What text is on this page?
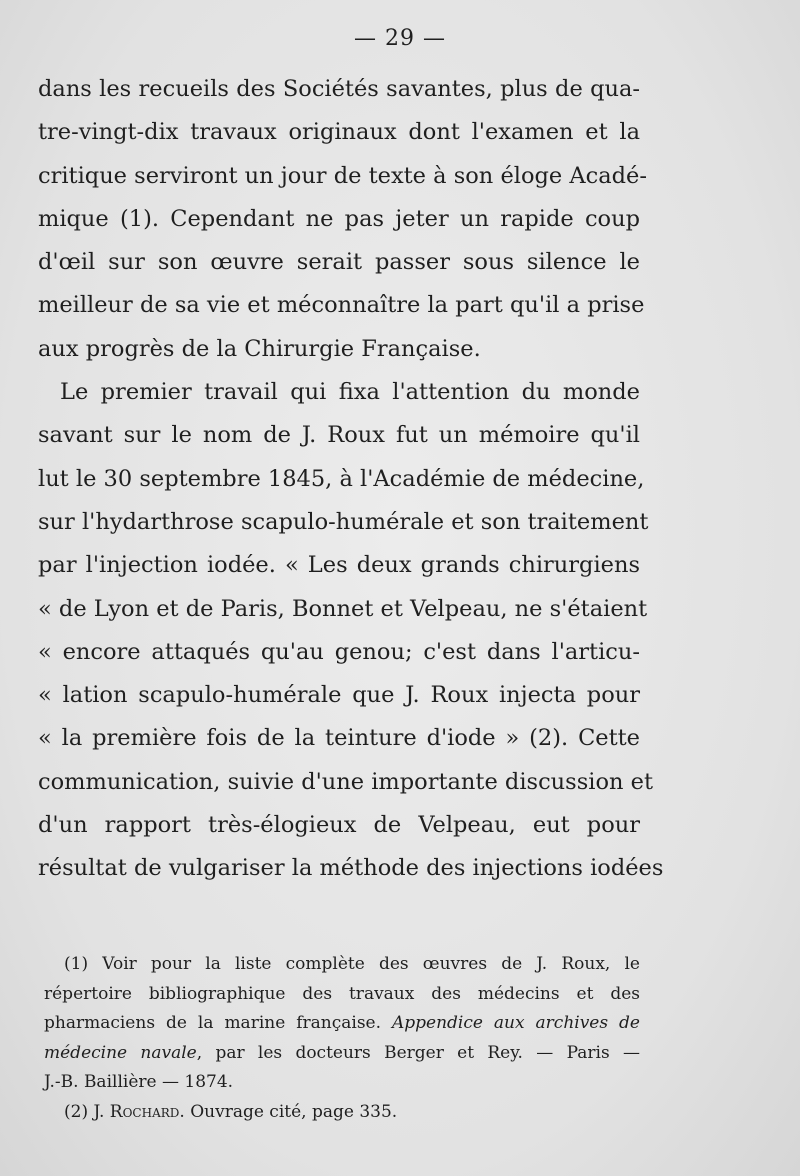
— 29 —
dans les recueils des Sociétés savantes, plus de qua-
tre-vingt-dix travaux originaux dont l'examen et la
critique serviront un jour de texte à son éloge Acadé-
mique (1). Cependant ne pas jeter un rapide coup
d'œil sur son œuvre serait passer sous silence le
meilleur de sa vie et méconnaître la part qu'il a prise
aux progrès de la Chirurgie Française.
Le premier travail qui fixa l'attention du monde
savant sur le nom de J. Roux fut un mémoire qu'il
lut le 30 septembre 1845, à l'Académie de médecine,
sur l'hydarthrose scapulo-humérale et son traitement
par l'injection iodée. « Les deux grands chirurgiens
« de Lyon et de Paris, Bonnet et Velpeau, ne s'étaient
« encore attaqués qu'au genou; c'est dans l'articu-
« lation scapulo-humérale que J. Roux injecta pour
« la première fois de la teinture d'iode » (2). Cette
communication, suivie d'une importante discussion et
d'un rapport très-élogieux de Velpeau, eut pour
résultat de vulgariser la méthode des injections iodées
(1) Voir pour la liste complète des œuvres de J. Roux, le
répertoire bibliographique des travaux des médecins et des
pharmaciens de la marine française. Appendice aux archives de
médecine navale, par les docteurs Berger et Rey. — Paris —
J.-B. Baillière — 1874.
(2) J. Rochard. Ouvrage cité, page 335.
